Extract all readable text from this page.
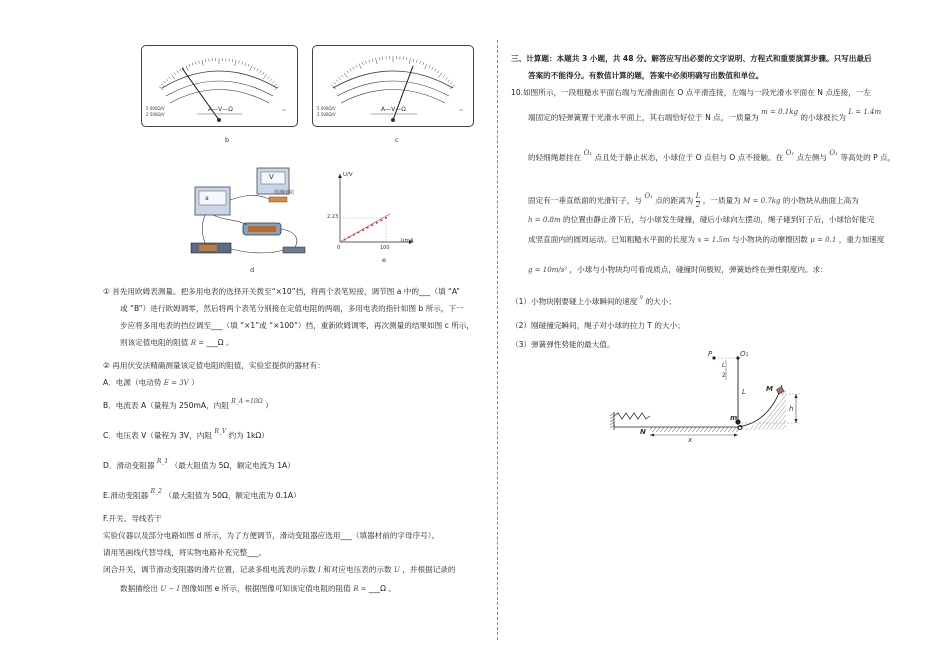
A—V—Ω
5 000Ω/V
2 500Ω/V
~
b
A—V—Ω
5 000Ω/V
2 500Ω/V
~
c
a
V
待测电阻
d
U/V
I/mA
2.23
100
0
e
① 首先用欧姆表测量。把多用电表的选择开关拨至“×10”挡，将两个表笔短接，调节图 a 中的___（填 “A”
或 “B”）进行欧姆调零，然后将两个表笔分别接在定值电阻的两端，多用电表的指针如图 b 所示，下一
步应将多用电表的挡位调至___（填 “×1”或 “×100”）挡，重新欧姆调零，再次测量的结果如图 c 所示，
则该定值电阻的阻值 R = ___Ω 。
② 再用伏安法精确测量该定值电阻的阻值，实验室提供的器材有：
A．电源（电动势 E = 3V ）
B．电流表 A（量程为 250mA，内阻 $^{R\_A =10\Omega}$ ）
C．电压表 V（量程为 3V，内阻 $^{R\_V}$ 约为 1kΩ）
D．滑动变阻器 $^{R\_1}$ （最大阻值为 5Ω，额定电流为 1A）
E.滑动变阻器 $^{R\_2}$ （最大阻值为 50Ω，额定电流为 0.1A）
F.开关、导线若干
实验仪器以及部分电路如图 d 所示，为了方便调节，滑动变阻器应选用___（填器材前的字母序号）。
请用笔画线代替导线，将实物电路补充完整___。
闭合开关，调节滑动变阻器的滑片位置，记录多组电流表的示数 I 和对应电压表的示数 U ，并根据记录的
数据描绘出 U − I 图像如图 e 所示，根据图像可知该定值电阻的阻值 R = ___Ω 。
三、计算题：本题共 3 小题，共 48 分。解答应写出必要的文字说明、方程式和重要演算步骤。只写出最后
答案的不能得分。有数值计算的题，答案中必须明确写出数值和单位。
10.如图所示，一段粗糙水平面右端与光滑曲面在 O 点平滑连接，左端与一段光滑水平面在 N 点连接，一左
端固定的轻弹簧置于光滑水平面上，其右端恰好位于 N 点，一质量为 m = 0.1kg 的小球被长为 L = 1.4m
的轻细绳悬挂在 O₁ 点且处于静止状态，小球位于 O 点但与 O 点不接触。在 O₁ 点左侧与 O₁ 等高处的 P 点，
固定有一垂直纸面的光滑钉子，与 O₁ 点的距离为 $\frac{L}{2}$ ，一质量为 M = 0.7kg 的小物块从曲面上高为
h = 0.8m 的位置由静止滑下后，与小球发生碰撞，碰后小球向左摆动，绳子碰到钉子后，小球恰好能完
成竖直面内的圆周运动。已知粗糙水平面的长度为 x = 1.5m 与小物块的动摩擦因数 μ = 0.1 ，重力加速度
g = 10m/s² ，小球与小物块均可看成质点，碰撞时间极短，弹簧始终在弹性限度内。求：
（1）小物块刚要碰上小球瞬间的速度 $^v$ 的大小；
（2）刚碰撞完瞬间，绳子对小球的拉力 T 的大小；
（3）弹簧弹性势能的最大值。
P	O₁
L
2
L	M
h
m
N	O
x
